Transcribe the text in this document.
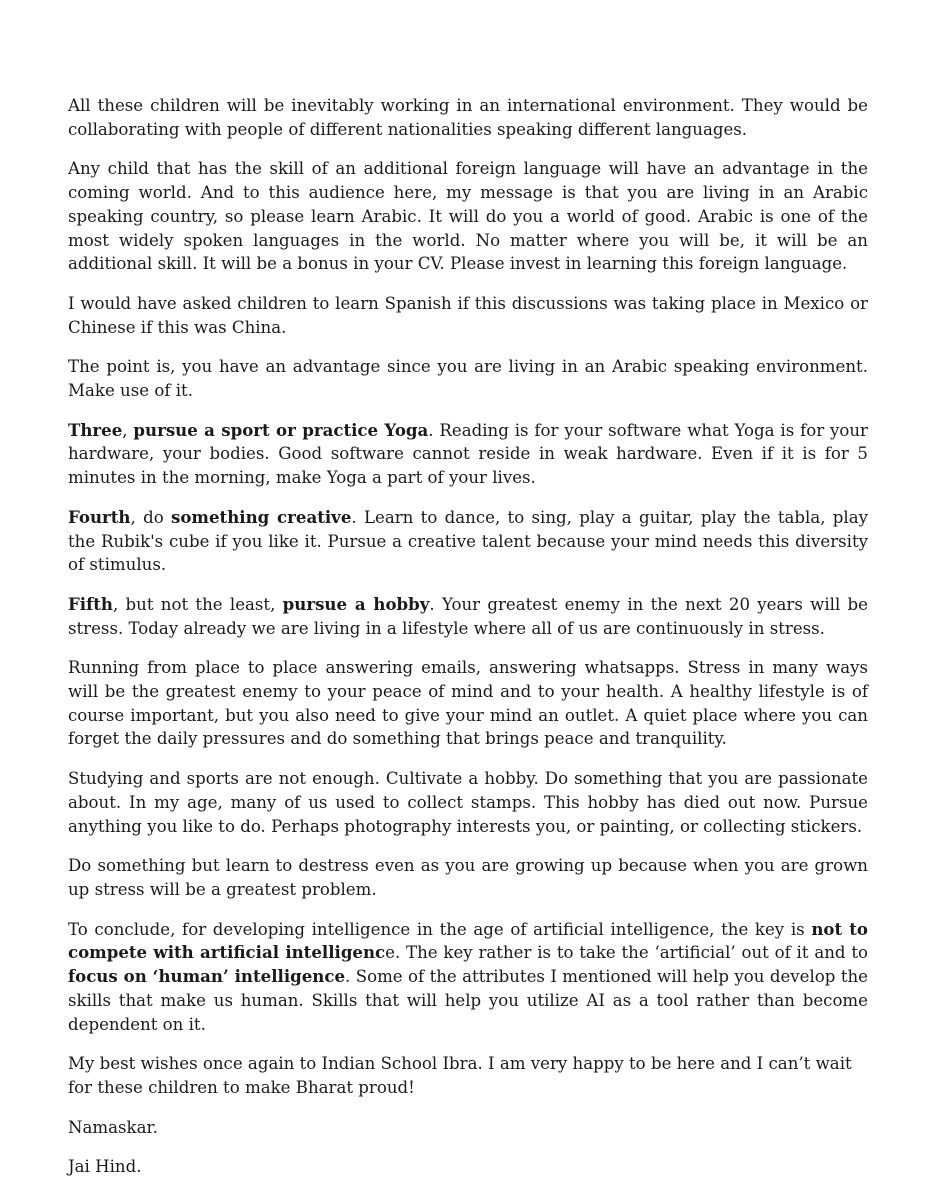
All these children will be inevitably working in an international environment. They would be collaborating with people of different nationalities speaking different languages.

Any child that has the skill of an additional foreign language will have an advantage in the coming world. And to this audience here, my message is that you are living in an Arabic speaking country, so please learn Arabic. It will do you a world of good. Arabic is one of the most widely spoken languages in the world. No matter where you will be, it will be an additional skill. It will be a bonus in your CV. Please invest in learning this foreign language.

I would have asked children to learn Spanish if this discussions was taking place in Mexico or Chinese if this was China.

The point is, you have an advantage since you are living in an Arabic speaking environment. Make use of it.

Three, pursue a sport or practice Yoga. Reading is for your software what Yoga is for your hardware, your bodies. Good software cannot reside in weak hardware. Even if it is for 5 minutes in the morning, make Yoga a part of your lives.

Fourth, do something creative. Learn to dance, to sing, play a guitar, play the tabla, play the Rubik's cube if you like it. Pursue a creative talent because your mind needs this diversity of stimulus.

Fifth, but not the least, pursue a hobby. Your greatest enemy in the next 20 years will be stress. Today already we are living in a lifestyle where all of us are continuously in stress.

Running from place to place answering emails, answering whatsapps. Stress in many ways will be the greatest enemy to your peace of mind and to your health. A healthy lifestyle is of course important, but you also need to give your mind an outlet. A quiet place where you can forget the daily pressures and do something that brings peace and tranquility.

Studying and sports are not enough. Cultivate a hobby. Do something that you are passionate about. In my age, many of us used to collect stamps. This hobby has died out now. Pursue anything you like to do. Perhaps photography interests you, or painting, or collecting stickers.

Do something but learn to destress even as you are growing up because when you are grown up stress will be a greatest problem.

To conclude, for developing intelligence in the age of artificial intelligence, the key is not to compete with artificial intelligence. The key rather is to take the ‘artificial’ out of it and to focus on ‘human’ intelligence. Some of the attributes I mentioned will help you develop the skills that make us human. Skills that will help you utilize AI as a tool rather than become dependent on it.

My best wishes once again to Indian School Ibra. I am very happy to be here and I can’t wait for these children to make Bharat proud!

Namaskar.

Jai Hind.
